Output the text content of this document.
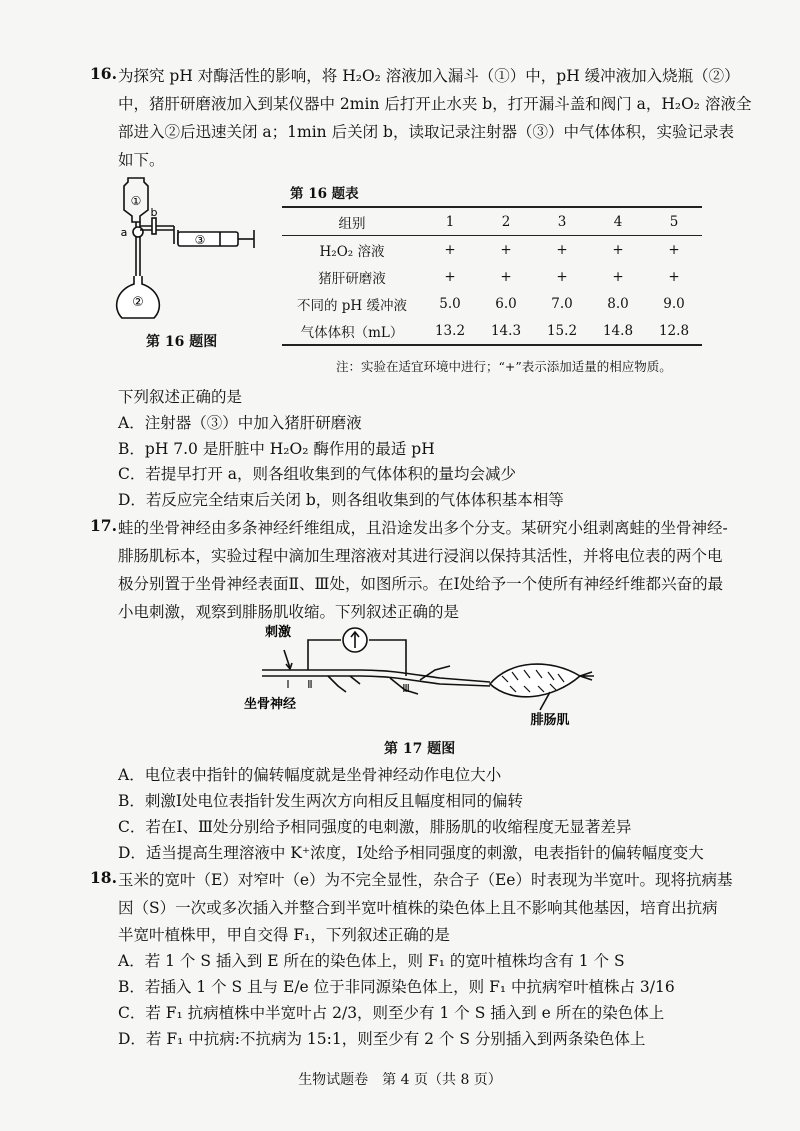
16. 为探究 pH 对酶活性的影响，将 H₂O₂ 溶液加入漏斗（①）中，pH 缓冲液加入烧瓶（②）
中，猪肝研磨液加入到某仪器中 2min 后打开止水夹 b，打开漏斗盖和阀门 a，H₂O₂ 溶液全
部进入②后迅速关闭 a；1min 后关闭 b，读取记录注射器（③）中气体体积，实验记录表
如下。
①
a
b
③
②
第 16 题图
第 16 题表
组别	1	2	3	4	5
H₂O₂ 溶液	+	+	+	+	+
猪肝研磨液	+	+	+	+	+
不同的 pH 缓冲液	5.0	6.0	7.0	8.0	9.0
气体体积（mL）	13.2	14.3	15.2	14.8	12.8
注：实验在适宜环境中进行；“+”表示添加适量的相应物质。
下列叙述正确的是
A．注射器（③）中加入猪肝研磨液
B．pH 7.0 是肝脏中 H₂O₂ 酶作用的最适 pH
C．若提早打开 a，则各组收集到的气体体积的量均会减少
D．若反应完全结束后关闭 b，则各组收集到的气体体积基本相等
17. 蛙的坐骨神经由多条神经纤维组成，且沿途发出多个分支。某研究小组剥离蛙的坐骨神经-
腓肠肌标本，实验过程中滴加生理溶液对其进行浸润以保持其活性，并将电位表的两个电
极分别置于坐骨神经表面Ⅱ、Ⅲ处，如图所示。在Ⅰ处给予一个使所有神经纤维都兴奋的最
小电刺激，观察到腓肠肌收缩。下列叙述正确的是
刺激
Ⅰ Ⅱ	Ⅲ
坐骨神经
腓肠肌
第 17 题图
A．电位表中指针的偏转幅度就是坐骨神经动作电位大小
B．刺激Ⅰ处电位表指针发生两次方向相反且幅度相同的偏转
C．若在Ⅰ、Ⅲ处分别给予相同强度的电刺激，腓肠肌的收缩程度无显著差异
D．适当提高生理溶液中 K⁺浓度，Ⅰ处给予相同强度的刺激，电表指针的偏转幅度变大
18. 玉米的宽叶（E）对窄叶（e）为不完全显性，杂合子（Ee）时表现为半宽叶。现将抗病基
因（S）一次或多次插入并整合到半宽叶植株的染色体上且不影响其他基因，培育出抗病
半宽叶植株甲，甲自交得 F₁，下列叙述正确的是
A．若 1 个 S 插入到 E 所在的染色体上，则 F₁ 的宽叶植株均含有 1 个 S
B．若插入 1 个 S 且与 E/e 位于非同源染色体上，则 F₁ 中抗病窄叶植株占 3/16
C．若 F₁ 抗病植株中半宽叶占 2/3，则至少有 1 个 S 插入到 e 所在的染色体上
D．若 F₁ 中抗病:不抗病为 15:1，则至少有 2 个 S 分别插入到两条染色体上
生物试题卷　第 4 页（共 8 页）
